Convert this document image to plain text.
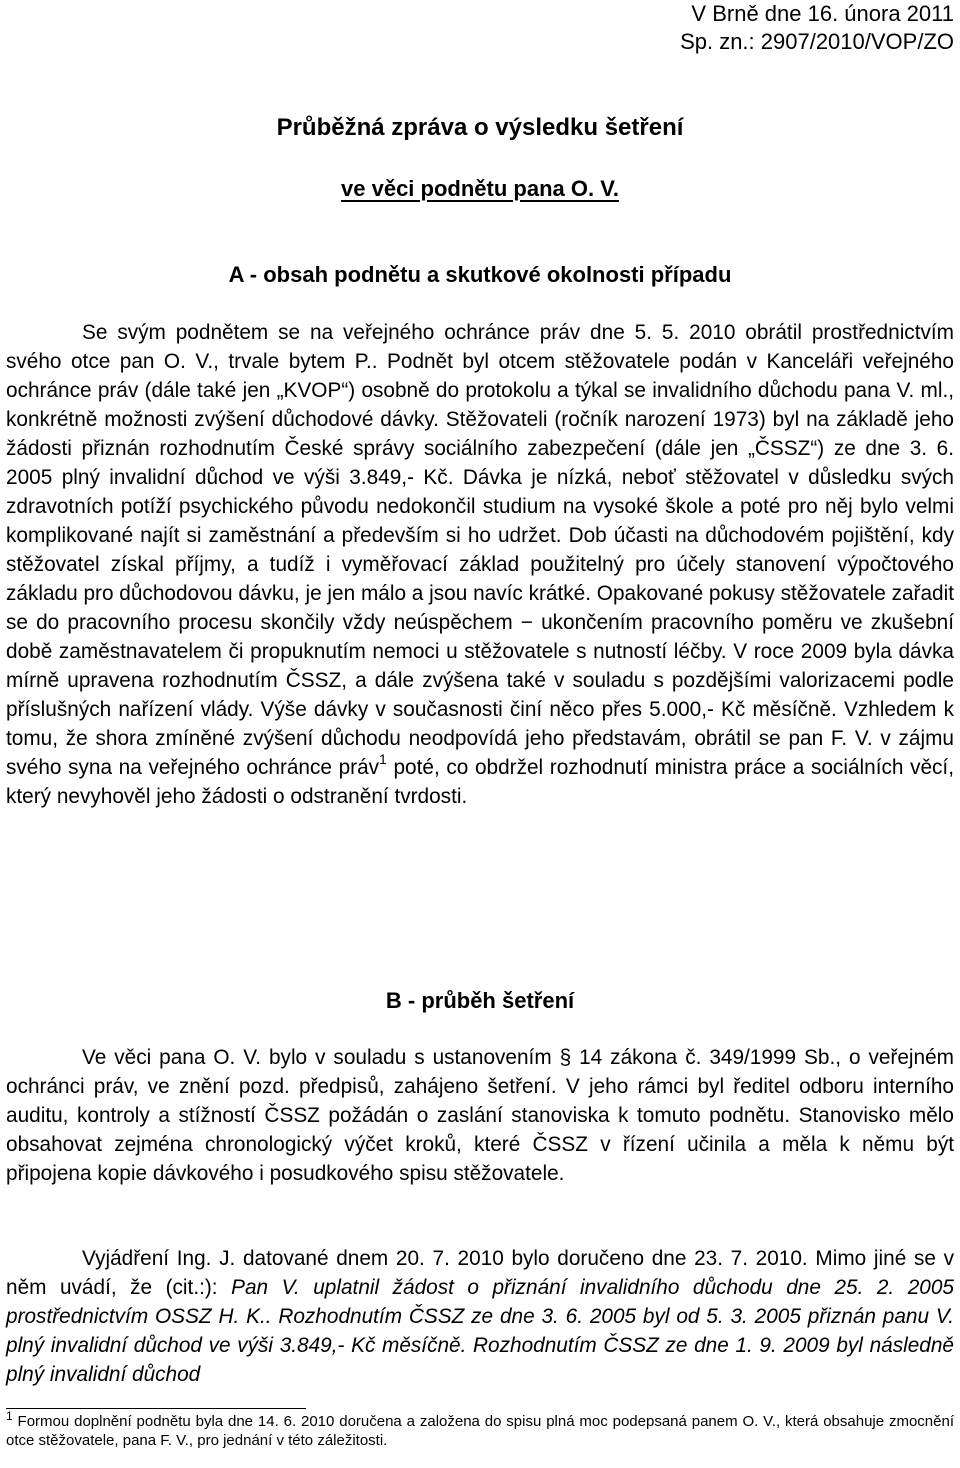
V Brně dne 16. února 2011
Sp. zn.: 2907/2010/VOP/ZO
Průběžná zpráva o výsledku šetření
ve věci podnětu pana O. V.
A - obsah podnětu a skutkové okolnosti případu

Se svým podnětem se na veřejného ochránce práv dne 5. 5. 2010 obrátil prostřednictvím svého otce pan O. V., trvale bytem P.. Podnět byl otcem stěžovatele podán v Kanceláři veřejného ochránce práv (dále také jen „KVOP“) osobně do protokolu a týkal se invalidního důchodu pana V. ml., konkrétně možnosti zvýšení důchodové dávky. Stěžovateli (ročník narození 1973) byl na základě jeho žádosti přiznán rozhodnutím České správy sociálního zabezpečení (dále jen „ČSSZ“) ze dne 3. 6. 2005 plný invalidní důchod ve výši 3.849,- Kč. Dávka je nízká, neboť stěžovatel v důsledku svých zdravotních potíží psychického původu nedokončil studium na vysoké škole a poté pro něj bylo velmi komplikované najít si zaměstnání a především si ho udržet. Dob účasti na důchodovém pojištění, kdy stěžovatel získal příjmy, a tudíž i vyměřovací základ použitelný pro účely stanovení výpočtového základu pro důchodovou dávku, je jen málo a jsou navíc krátké. Opakované pokusy stěžovatele zařadit se do pracovního procesu skončily vždy neúspěchem − ukončením pracovního poměru ve zkušební době zaměstnavatelem či propuknutím nemoci u stěžovatele s nutností léčby. V roce 2009 byla dávka mírně upravena rozhodnutím ČSSZ, a dále zvýšena také v souladu s pozdějšími valorizacemi podle příslušných nařízení vlády. Výše dávky v současnosti činí něco přes 5.000,- Kč měsíčně. Vzhledem k tomu, že shora zmíněné zvýšení důchodu neodpovídá jeho představám, obrátil se pan F. V. v zájmu svého syna na veřejného ochránce práv$^1$ poté, co obdržel rozhodnutí ministra práce a sociálních věcí, který nevyhověl jeho žádosti o odstranění tvrdosti.

B - průběh šetření

Ve věci pana O. V. bylo v souladu s ustanovením § 14 zákona č. 349/1999 Sb., o veřejném ochránci práv, ve znění pozd. předpisů, zahájeno šetření. V jeho rámci byl ředitel odboru interního auditu, kontroly a stížností ČSSZ požádán o zaslání stanoviska k tomuto podnětu. Stanovisko mělo obsahovat zejména chronologický výčet kroků, které ČSSZ v řízení učinila a měla k němu být připojena kopie dávkového i posudkového spisu stěžovatele.

Vyjádření Ing. J. datované dnem 20. 7. 2010 bylo doručeno dne 23. 7. 2010. Mimo jiné se v něm uvádí, že (cit.:): Pan V. uplatnil žádost o přiznání invalidního důchodu dne 25. 2. 2005 prostřednictvím OSSZ H. K.. Rozhodnutím ČSSZ ze dne 3. 6. 2005 byl od 5. 3. 2005 přiznán panu V. plný invalidní důchod ve výši 3.849,- Kč měsíčně. Rozhodnutím ČSSZ ze dne 1. 9. 2009 byl následně plný invalidní důchod

$^1$ Formou doplnění podnětu byla dne 14. 6. 2010 doručena a založena do spisu plná moc podepsaná panem O. V., která obsahuje zmocnění otce stěžovatele, pana F. V., pro jednání v této záležitosti.
